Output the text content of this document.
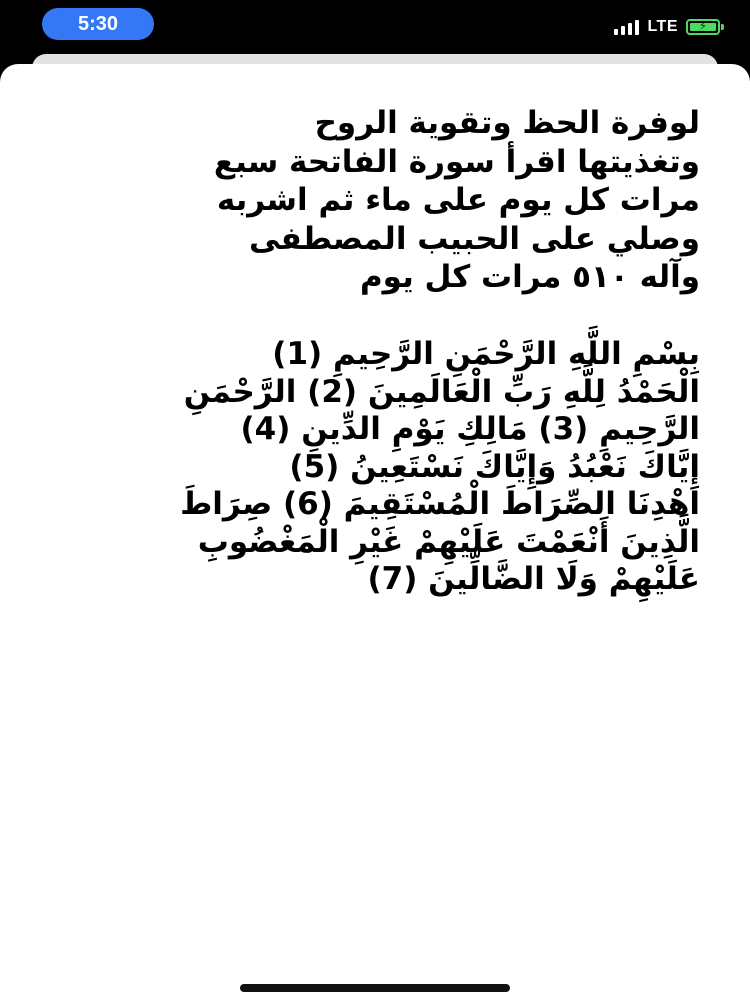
5:30	LTE	⚡
لوفرة الحظ وتقوية الروح
وتغذيتها اقرأ سورة الفاتحة سبع
مرات كل يوم على ماء ثم اشربه
وصلي على الحبيب المصطفى
وآله ٥١٠ مرات كل يوم
بِسْمِ اللَّهِ الرَّحْمَنِ الرَّحِيمِ (1)
الْحَمْدُ لِلَّهِ رَبِّ الْعَالَمِينَ (2) الرَّحْمَنِ
الرَّحِيمِ (3) مَالِكِ يَوْمِ الدِّينِ (4)
إِيَّاكَ نَعْبُدُ وَإِيَّاكَ نَسْتَعِينُ (5)
اهْدِنَا الصِّرَاطَ الْمُسْتَقِيمَ (6) صِرَاطَ
الَّذِينَ أَنْعَمْتَ عَلَيْهِمْ غَيْرِ الْمَغْضُوبِ
عَلَيْهِمْ وَلَا الضَّالِّينَ (7)
